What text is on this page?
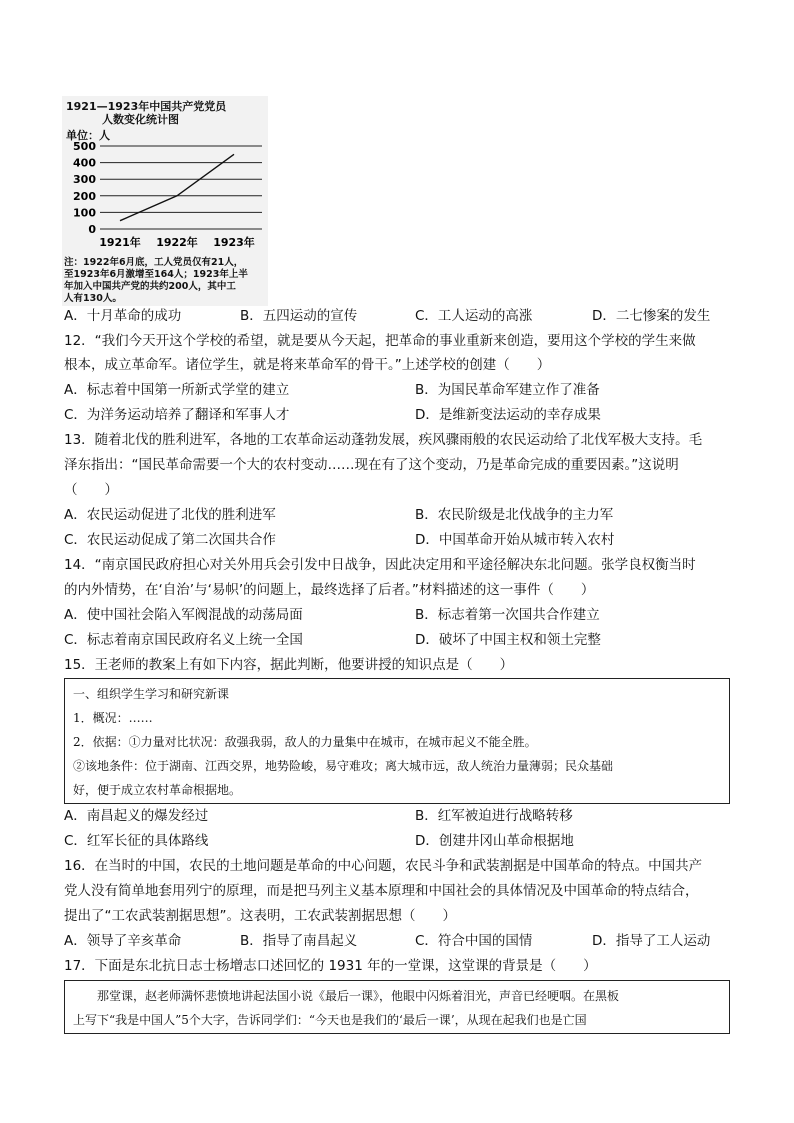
1921—1923年中国共产党党员
人数变化统计图
单位：人
500
400
300
200
100
0
1921年 1922年 1923年
注：1922年6月底，工人党员仅有21人，
至1923年6月激增至164人；1923年上半
年加入中国共产党的共约200人，其中工
人有130人。
A．十月革命的成功	B．五四运动的宣传	C．工人运动的高涨	D．二七惨案的发生
12．“我们今天开这个学校的希望，就是要从今天起，把革命的事业重新来创造，要用这个学校的学生来做
根本，成立革命军。诸位学生，就是将来革命军的骨干。”上述学校的创建（　　）
A．标志着中国第一所新式学堂的建立	B．为国民革命军建立作了准备
C．为洋务运动培养了翻译和军事人才	D．是维新变法运动的幸存成果
13．随着北伐的胜利进军，各地的工农革命运动蓬勃发展，疾风骤雨般的农民运动给了北伐军极大支持。毛
泽东指出：“国民革命需要一个大的农村变动……现在有了这个变动，乃是革命完成的重要因素。”这说明
（　　）
A．农民运动促进了北伐的胜利进军	B．农民阶级是北伐战争的主力军
C．农民运动促成了第二次国共合作	D．中国革命开始从城市转入农村
14．“南京国民政府担心对关外用兵会引发中日战争，因此决定用和平途径解决东北问题。张学良权衡当时
的内外情势，在‘自治’与‘易帜’的问题上，最终选择了后者。”材料描述的这一事件（　　）
A．使中国社会陷入军阀混战的动荡局面	B．标志着第一次国共合作建立
C．标志着南京国民政府名义上统一全国	D．破坏了中国主权和领土完整
15．王老师的教案上有如下内容，据此判断，他要讲授的知识点是（　　）
一、组织学生学习和研究新课
1．概况：……
2．依据：①力量对比状况：敌强我弱，敌人的力量集中在城市，在城市起义不能全胜。
②该地条件：位于湖南、江西交界，地势险峻，易守难攻；离大城市远，敌人统治力量薄弱；民众基础
好，便于成立农村革命根据地。
A．南昌起义的爆发经过	B．红军被迫进行战略转移
C．红军长征的具体路线	D．创建井冈山革命根据地
16．在当时的中国，农民的土地问题是革命的中心问题，农民斗争和武装割据是中国革命的特点。中国共产
党人没有简单地套用列宁的原理，而是把马列主义基本原理和中国社会的具体情况及中国革命的特点结合，
提出了“工农武装割据思想”。这表明，工农武装割据思想（　　）
A．领导了辛亥革命	B．指导了南昌起义	C．符合中国的国情	D．指导了工人运动
17．下面是东北抗日志士杨增志口述回忆的 1931 年的一堂课，这堂课的背景是（　　）
　　那堂课，赵老师满怀悲愤地讲起法国小说《最后一课》，他眼中闪烁着泪光，声音已经哽咽。在黑板
上写下“我是中国人”5个大字，告诉同学们：“今天也是我们的‘最后一课’，从现在起我们也是亡国
